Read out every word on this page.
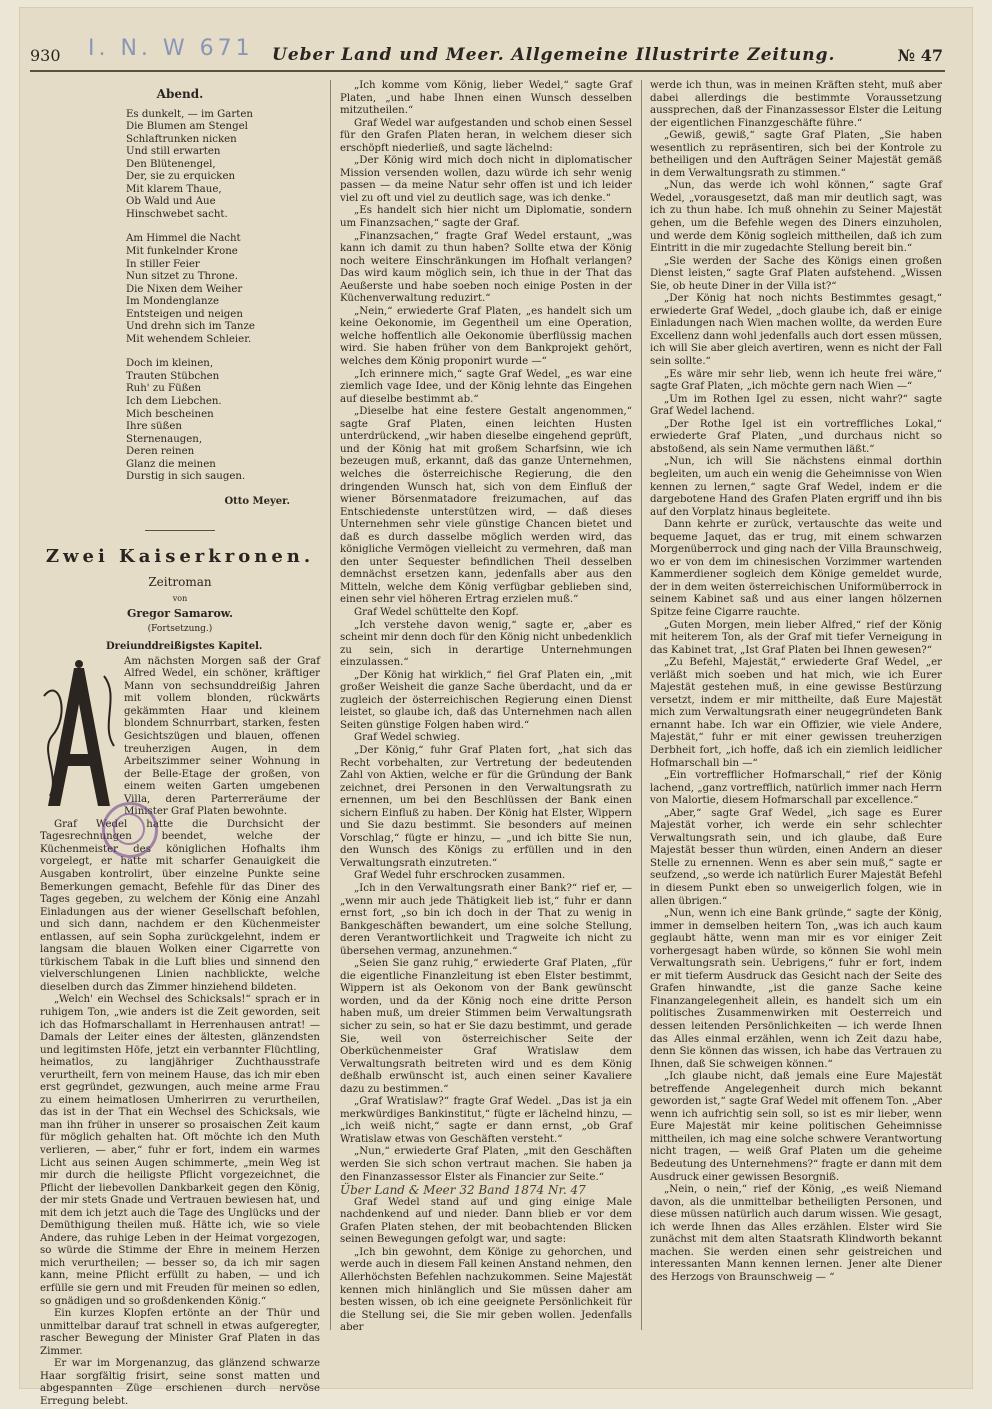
930 I. N. W 671 Ueber Land und Meer. Allgemeine Illustrirte Zeitung.	№ 47
Abend.
Es dunkelt, — im Garten
Die Blumen am Stengel
Schlaftrunken nicken
Und still erwarten
Den Blütenengel,
Der, sie zu erquicken
Mit klarem Thaue,
Ob Wald und Aue
Hinschwebet sacht.
Am Himmel die Nacht
Mit funkelnder Krone
In stiller Feier
Nun sitzet zu Throne.
Die Nixen dem Weiher
Im Mondenglanze
Entsteigen und neigen
Und drehn sich im Tanze
Mit wehendem Schleier.
Doch im kleinen,
Trauten Stübchen
Ruh' zu Füßen
Ich dem Liebchen.
Mich bescheinen
Ihre süßen
Sternenaugen,
Deren reinen
Glanz die meinen
Durstig in sich saugen.
Otto Meyer.
Zwei Kaiserkronen.
Zeitroman
von
Gregor Samarow.
(Fortsetzung.)
Dreiunddreißigstes Kapitel.

Am nächsten Morgen saß der Graf Alfred Wedel, ein schöner, kräftiger Mann von sechsunddreißig Jahren mit vollem blonden, rückwärts gekämmten Haar und kleinem blondem Schnurrbart, starken, festen Gesichtszügen und blauen, offenen treuherzigen Augen, in dem Arbeitszimmer seiner Wohnung in der Belle-Etage der großen, von einem weiten Garten umgebenen Villa, deren Parterreräume der Minister Graf Platen bewohnte.

Graf Wedel hatte die Durchsicht der Tagesrechnungen beendet, welche der Küchenmeister des königlichen Hofhalts ihm vorgelegt, er hatte mit scharfer Genauigkeit die Ausgaben kontrolirt, über einzelne Punkte seine Bemerkungen gemacht, Befehle für das Diner des Tages gegeben, zu welchem der König eine Anzahl Einladungen aus der wiener Gesellschaft befohlen, und sich dann, nachdem er den Küchenmeister entlassen, auf sein Sopha zurückgelehnt, indem er langsam die blauen Wolken einer Cigarrette von türkischem Tabak in die Luft blies und sinnend den vielverschlungenen Linien nachblickte, welche dieselben durch das Zimmer hinziehend bildeten.

„Welch' ein Wechsel des Schicksals!“ sprach er in ruhigem Ton, „wie anders ist die Zeit geworden, seit ich das Hofmarschallamt in Herrenhausen antrat! — Damals der Leiter eines der ältesten, glänzendsten und legitimsten Höfe, jetzt ein verbannter Flüchtling, heimatlos, zu langjähriger Zuchthausstrafe verurtheilt, fern von meinem Hause, das ich mir eben erst gegründet, gezwungen, auch meine arme Frau zu einem heimatlosen Umherirren zu verurtheilen, das ist in der That ein Wechsel des Schicksals, wie man ihn früher in unserer so prosaischen Zeit kaum für möglich gehalten hat. Oft möchte ich den Muth verlieren, — aber,“ fuhr er fort, indem ein warmes Licht aus seinen Augen schimmerte, „mein Weg ist mir durch die heiligste Pflicht vorgezeichnet, die Pflicht der liebevollen Dankbarkeit gegen den König, der mir stets Gnade und Vertrauen bewiesen hat, und mit dem ich jetzt auch die Tage des Unglücks und der Demüthigung theilen muß. Hätte ich, wie so viele Andere, das ruhige Leben in der Heimat vorgezogen, so würde die Stimme der Ehre in meinem Herzen mich verurtheilen; — besser so, da ich mir sagen kann, meine Pflicht erfüllt zu haben, — und ich erfülle sie gern und mit Freuden für meinen so edlen, so gnädigen und so großdenkenden König.“

Ein kurzes Klopfen ertönte an der Thür und unmittelbar darauf trat schnell in etwas aufgeregter, rascher Bewegung der Minister Graf Platen in das Zimmer.

Er war im Morgenanzug, das glänzend schwarze Haar sorgfältig frisirt, seine sonst matten und abgespannten Züge erschienen durch nervöse Erregung belebt.

„Ich komme vom König, lieber Wedel,“ sagte Graf Platen, „und habe Ihnen einen Wunsch desselben mitzutheilen.“

Graf Wedel war aufgestanden und schob einen Sessel für den Grafen Platen heran, in welchem dieser sich erschöpft niederließ, und sagte lächelnd:

„Der König wird mich doch nicht in diplomatischer Mission versenden wollen, dazu würde ich sehr wenig passen — da meine Natur sehr offen ist und ich leider viel zu oft und viel zu deutlich sage, was ich denke.“

„Es handelt sich hier nicht um Diplomatie, sondern um Finanzsachen,“ sagte der Graf.

„Finanzsachen,“ fragte Graf Wedel erstaunt, „was kann ich damit zu thun haben? Sollte etwa der König noch weitere Einschränkungen im Hofhalt verlangen? Das wird kaum möglich sein, ich thue in der That das Aeußerste und habe soeben noch einige Posten in der Küchenverwaltung reduzirt.“

„Nein,“ erwiederte Graf Platen, „es handelt sich um keine Oekonomie, im Gegentheil um eine Operation, welche hoffentlich alle Oekonomie überflüssig machen wird. Sie haben früher von dem Bankprojekt gehört, welches dem König proponirt wurde —“

„Ich erinnere mich,“ sagte Graf Wedel, „es war eine ziemlich vage Idee, und der König lehnte das Eingehen auf dieselbe bestimmt ab.“

„Dieselbe hat eine festere Gestalt angenommen,“ sagte Graf Platen, einen leichten Husten unterdrückend, „wir haben dieselbe eingehend geprüft, und der König hat mit großem Scharfsinn, wie ich bezeugen muß, erkannt, daß das ganze Unternehmen, welches die österreichische Regierung, die den dringenden Wunsch hat, sich von dem Einfluß der wiener Börsenmatadore freizumachen, auf das Entschiedenste unterstützen wird, — daß dieses Unternehmen sehr viele günstige Chancen bietet und daß es durch dasselbe möglich werden wird, das königliche Vermögen vielleicht zu vermehren, daß man den unter Sequester befindlichen Theil desselben demnächst ersetzen kann, jedenfalls aber aus den Mitteln, welche dem König verfügbar geblieben sind, einen sehr viel höheren Ertrag erzielen muß.“

Graf Wedel schüttelte den Kopf.

„Ich verstehe davon wenig,“ sagte er, „aber es scheint mir denn doch für den König nicht unbedenklich zu sein, sich in derartige Unternehmungen einzulassen.“

„Der König hat wirklich,“ fiel Graf Platen ein, „mit großer Weisheit die ganze Sache überdacht, und da er zugleich der österreichischen Regierung einen Dienst leistet, so glaube ich, daß das Unternehmen nach allen Seiten günstige Folgen haben wird.“

Graf Wedel schwieg.

„Der König,“ fuhr Graf Platen fort, „hat sich das Recht vorbehalten, zur Vertretung der bedeutenden Zahl von Aktien, welche er für die Gründung der Bank zeichnet, drei Personen in den Verwaltungsrath zu ernennen, um bei den Beschlüssen der Bank einen sichern Einfluß zu haben. Der König hat Elster, Wippern und Sie dazu bestimmt. Sie besonders auf meinen Vorschlag,“ fügte er hinzu, — „und ich bitte Sie nun, den Wunsch des Königs zu erfüllen und in den Verwaltungsrath einzutreten.“

Graf Wedel fuhr erschrocken zusammen.

„Ich in den Verwaltungsrath einer Bank?“ rief er, — „wenn mir auch jede Thätigkeit lieb ist,“ fuhr er dann ernst fort, „so bin ich doch in der That zu wenig in Bankgeschäften bewandert, um eine solche Stellung, deren Verantwortlichkeit und Tragweite ich nicht zu übersehen vermag, anzunehmen.“

„Seien Sie ganz ruhig,“ erwiederte Graf Platen, „für die eigentliche Finanzleitung ist eben Elster bestimmt, Wippern ist als Oekonom von der Bank gewünscht worden, und da der König noch eine dritte Person haben muß, um dreier Stimmen beim Verwaltungsrath sicher zu sein, so hat er Sie dazu bestimmt, und gerade Sie, weil von österreichischer Seite der Oberküchenmeister Graf Wratislaw dem Verwaltungsrath beitreten wird und es dem König deßhalb erwünscht ist, auch einen seiner Kavaliere dazu zu bestimmen.“

„Graf Wratislaw?“ fragte Graf Wedel. „Das ist ja ein merkwürdiges Bankinstitut,“ fügte er lächelnd hinzu, — „ich weiß nicht,“ sagte er dann ernst, „ob Graf Wratislaw etwas von Geschäften versteht.“

„Nun,“ erwiederte Graf Platen, „mit den Geschäften werden Sie sich schon vertraut machen. Sie haben ja den Finanzassessor Elster als Financier zur Seite.“

Über Land & Meer 32 Band 1874 Nr. 47

Graf Wedel stand auf und ging einige Male nachdenkend auf und nieder. Dann blieb er vor dem Grafen Platen stehen, der mit beobachtenden Blicken seinen Bewegungen gefolgt war, und sagte:

„Ich bin gewohnt, dem Könige zu gehorchen, und werde auch in diesem Fall keinen Anstand nehmen, den Allerhöchsten Befehlen nachzukommen. Seine Majestät kennen mich hinlänglich und Sie müssen daher am besten wissen, ob ich eine geeignete Persönlichkeit für die Stellung sei, die Sie mir geben wollen. Jedenfalls aber

werde ich thun, was in meinen Kräften steht, muß aber dabei allerdings die bestimmte Voraussetzung aussprechen, daß der Finanzassessor Elster die Leitung der eigentlichen Finanzgeschäfte führe.“

„Gewiß, gewiß,“ sagte Graf Platen, „Sie haben wesentlich zu repräsentiren, sich bei der Kontrole zu betheiligen und den Aufträgen Seiner Majestät gemäß in dem Verwaltungsrath zu stimmen.“

„Nun, das werde ich wohl können,“ sagte Graf Wedel, „vorausgesetzt, daß man mir deutlich sagt, was ich zu thun habe. Ich muß ohnehin zu Seiner Majestät gehen, um die Befehle wegen des Diners einzuholen, und werde dem König sogleich mittheilen, daß ich zum Eintritt in die mir zugedachte Stellung bereit bin.“

„Sie werden der Sache des Königs einen großen Dienst leisten,“ sagte Graf Platen aufstehend. „Wissen Sie, ob heute Diner in der Villa ist?“

„Der König hat noch nichts Bestimmtes gesagt,“ erwiederte Graf Wedel, „doch glaube ich, daß er einige Einladungen nach Wien machen wollte, da werden Eure Excellenz dann wohl jedenfalls auch dort essen müssen, ich will Sie aber gleich avertiren, wenn es nicht der Fall sein sollte.“

„Es wäre mir sehr lieb, wenn ich heute frei wäre,“ sagte Graf Platen, „ich möchte gern nach Wien —“

„Um im Rothen Igel zu essen, nicht wahr?“ sagte Graf Wedel lachend.

„Der Rothe Igel ist ein vortreffliches Lokal,“ erwiederte Graf Platen, „und durchaus nicht so abstoßend, als sein Name vermuthen läßt.“

„Nun, ich will Sie nächstens einmal dorthin begleiten, um auch ein wenig die Geheimnisse von Wien kennen zu lernen,“ sagte Graf Wedel, indem er die dargebotene Hand des Grafen Platen ergriff und ihn bis auf den Vorplatz hinaus begleitete.

Dann kehrte er zurück, vertauschte das weite und bequeme Jaquet, das er trug, mit einem schwarzen Morgenüberrock und ging nach der Villa Braunschweig, wo er von dem im chinesischen Vorzimmer wartenden Kammerdiener sogleich dem Könige gemeldet wurde, der in dem weiten österreichischen Uniformüberrock in seinem Kabinet saß und aus einer langen hölzernen Spitze feine Cigarre rauchte.

„Guten Morgen, mein lieber Alfred,“ rief der König mit heiterem Ton, als der Graf mit tiefer Verneigung in das Kabinet trat, „Ist Graf Platen bei Ihnen gewesen?“

„Zu Befehl, Majestät,“ erwiederte Graf Wedel, „er verläßt mich soeben und hat mich, wie ich Eurer Majestät gestehen muß, in eine gewisse Bestürzung versetzt, indem er mir mittheilte, daß Eure Majestät mich zum Verwaltungsrath einer neugegründeten Bank ernannt habe. Ich war ein Offizier, wie viele Andere, Majestät,“ fuhr er mit einer gewissen treuherzigen Derbheit fort, „ich hoffe, daß ich ein ziemlich leidlicher Hofmarschall bin —“

„Ein vortrefflicher Hofmarschall,“ rief der König lachend, „ganz vortrefflich, natürlich immer nach Herrn von Malortie, diesem Hofmarschall par excellence.“

„Aber,“ sagte Graf Wedel, „ich sage es Eurer Majestät vorher, ich werde ein sehr schlechter Verwaltungsrath sein, und ich glaube, daß Eure Majestät besser thun würden, einen Andern an dieser Stelle zu ernennen. Wenn es aber sein muß,“ sagte er seufzend, „so werde ich natürlich Eurer Majestät Befehl in diesem Punkt eben so unweigerlich folgen, wie in allen übrigen.“

„Nun, wenn ich eine Bank gründe,“ sagte der König, immer in demselben heitern Ton, „was ich auch kaum geglaubt hätte, wenn man mir es vor einiger Zeit vorhergesagt haben würde, so können Sie wohl mein Verwaltungsrath sein. Uebrigens,“ fuhr er fort, indem er mit tieferm Ausdruck das Gesicht nach der Seite des Grafen hinwandte, „ist die ganze Sache keine Finanzangelegenheit allein, es handelt sich um ein politisches Zusammenwirken mit Oesterreich und dessen leitenden Persönlichkeiten — ich werde Ihnen das Alles einmal erzählen, wenn ich Zeit dazu habe, denn Sie können das wissen, ich habe das Vertrauen zu Ihnen, daß Sie schweigen können.“

„Ich glaube nicht, daß jemals eine Eure Majestät betreffende Angelegenheit durch mich bekannt geworden ist,“ sagte Graf Wedel mit offenem Ton. „Aber wenn ich aufrichtig sein soll, so ist es mir lieber, wenn Eure Majestät mir keine politischen Geheimnisse mittheilen, ich mag eine solche schwere Verantwortung nicht tragen, — weiß Graf Platen um die geheime Bedeutung des Unternehmens?“ fragte er dann mit dem Ausdruck einer gewissen Besorgniß.

„Nein, o nein,“ rief der König, „es weiß Niemand davon, als die unmittelbar betheiligten Personen, und diese müssen natürlich auch darum wissen. Wie gesagt, ich werde Ihnen das Alles erzählen. Elster wird Sie zunächst mit dem alten Staatsrath Klindworth bekannt machen. Sie werden einen sehr geistreichen und interessanten Mann kennen lernen. Jener alte Diener des Herzogs von Braunschweig — “
